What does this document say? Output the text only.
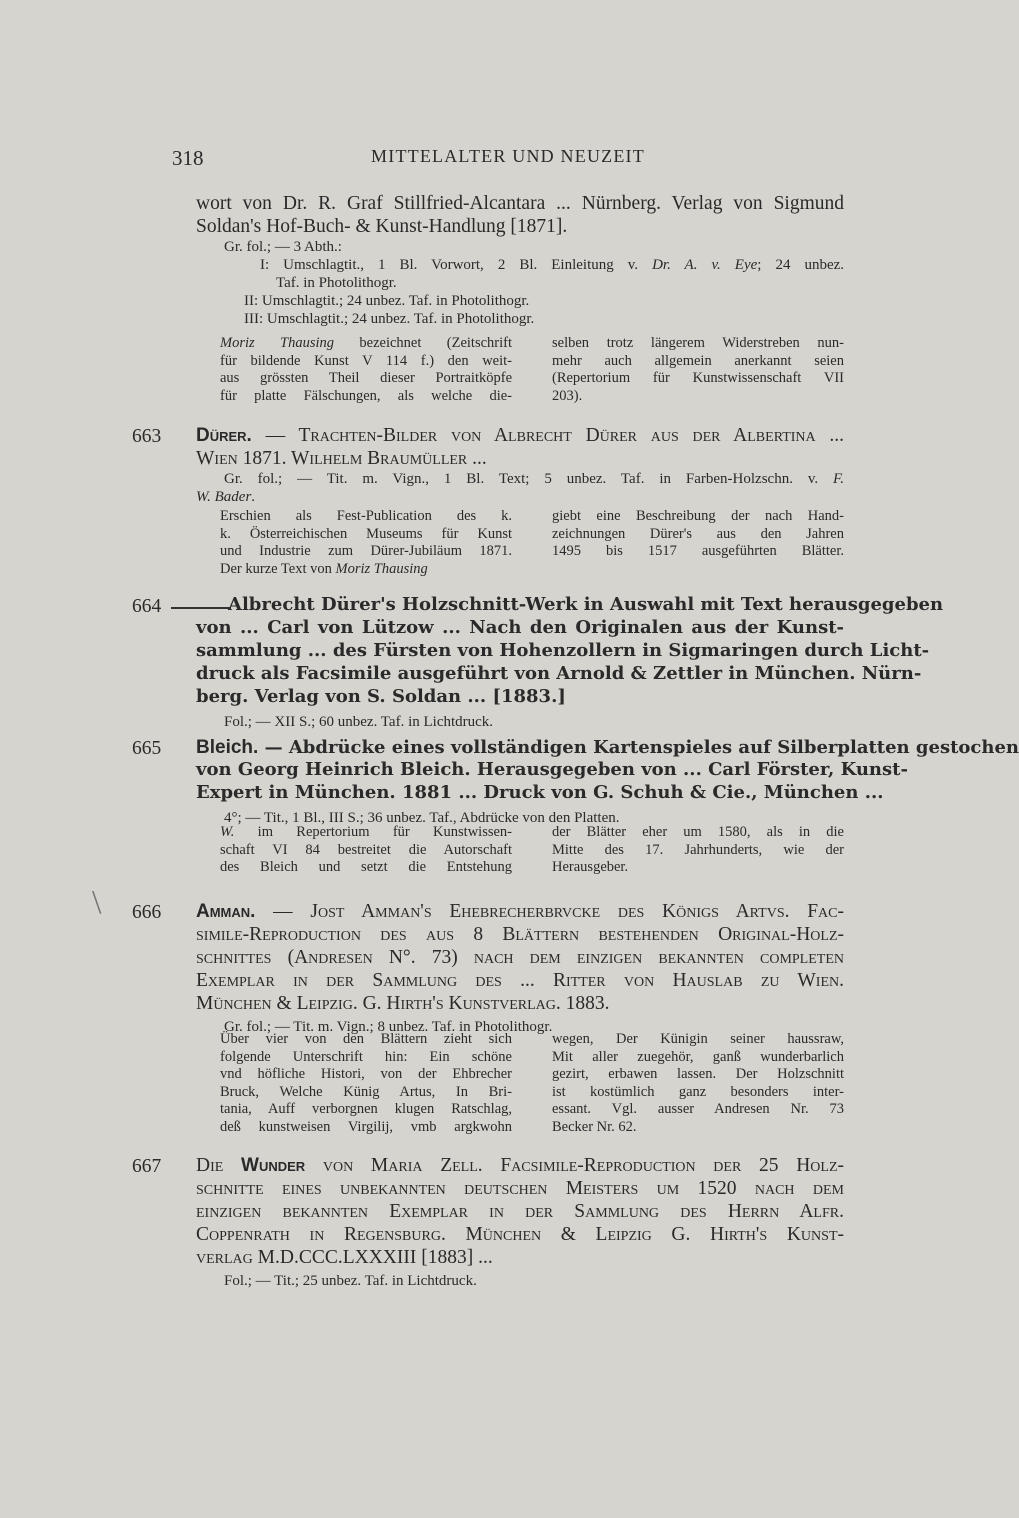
318	MITTELALTER UND NEUZEIT
wort von Dr. R. Graf Stillfried-Alcantara ... Nürnberg. Verlag von Sigmund
Soldan's Hof-Buch- & Kunst-Handlung [1871].
Gr. fol.; — 3 Abth.:
I: Umschlagtit., 1 Bl. Vorwort, 2 Bl. Einleitung v. Dr. A. v. Eye; 24 unbez.
Taf. in Photolithogr.
II: Umschlagtit.; 24 unbez. Taf. in Photolithogr.
III: Umschlagtit.; 24 unbez. Taf. in Photolithogr.
Moriz Thausing bezeichnet (Zeitschrift
für bildende Kunst V 114 f.) den weit-
aus grössten Theil dieser Portraitköpfe
für platte Fälschungen, als welche die-
selben trotz längerem Widerstreben nun-
mehr auch allgemein anerkannt seien
(Repertorium für Kunstwissenschaft VII
203).
663 Dürer. — Trachten-Bilder von Albrecht Dürer aus der Albertina ...
Wien 1871. Wilhelm Braumüller ...
Gr. fol.; — Tit. m. Vign., 1 Bl. Text; 5 unbez. Taf. in Farben-Holzschn. v. F.
W. Bader.
Erschien als Fest-Publication des k.
k. Österreichischen Museums für Kunst
und Industrie zum Dürer-Jubiläum 1871.
Der kurze Text von Moriz Thausing
giebt eine Beschreibung der nach Hand-
zeichnungen Dürer's aus den Jahren
1495 bis 1517 ausgeführten Blätter.
664	Albrecht Dürer's Holzschnitt-Werk in Auswahl mit Text herausgegeben
von ... Carl von Lützow ... Nach den Originalen aus der Kunst-
sammlung ... des Fürsten von Hohenzollern in Sigmaringen durch Licht-
druck als Facsimile ausgeführt von Arnold & Zettler in München. Nürn-
berg. Verlag von S. Soldan ... [1883.]
Fol.; — XII S.; 60 unbez. Taf. in Lichtdruck.
665 Bleich. — Abdrücke eines vollständigen Kartenspieles auf Silberplatten gestochen
von Georg Heinrich Bleich. Herausgegeben von ... Carl Förster, Kunst-
Expert in München. 1881 ... Druck von G. Schuh & Cie., München ...
4°; — Tit., 1 Bl., III S.; 36 unbez. Taf., Abdrücke von den Platten.
W. im Repertorium für Kunstwissen-
schaft VI 84 bestreitet die Autorschaft
des Bleich und setzt die Entstehung
der Blätter eher um 1580, als in die
Mitte des 17. Jahrhunderts, wie der
Herausgeber.
\ 666 Amman. — Jost Amman's Ehebrecherbrvcke des Königs Artvs. Fac-
simile-Reproduction des aus 8 Blättern bestehenden Original-Holz-
schnittes (Andresen N°. 73) nach dem einzigen bekannten completen
Exemplar in der Sammlung des ... Ritter von Hauslab zu Wien.
München & Leipzig. G. Hirth's Kunstverlag. 1883.
Gr. fol.; — Tit. m. Vign.; 8 unbez. Taf. in Photolithogr.
Über vier von den Blättern zieht sich
folgende Unterschrift hin: Ein schöne
vnd höfliche Histori, von der Ehbrecher
Bruck, Welche Künig Artus, In Bri-
tania, Auff verborgnen klugen Ratschlag,
deß kunstweisen Virgilij, vmb argkwohn
wegen, Der Künigin seiner haussraw,
Mit aller zuegehör, ganß wunderbarlich
gezirt, erbawen lassen. Der Holzschnitt
ist kostümlich ganz besonders inter-
essant. Vgl. ausser Andresen Nr. 73
Becker Nr. 62.
667 Die Wunder von Maria Zell. Facsimile-Reproduction der 25 Holz-
schnitte eines unbekannten deutschen Meisters um 1520 nach dem
einzigen bekannten Exemplar in der Sammlung des Herrn Alfr.
Coppenrath in Regensburg. München & Leipzig G. Hirth's Kunst-
verlag M.D.CCC.LXXXIII [1883] ...
Fol.; — Tit.; 25 unbez. Taf. in Lichtdruck.
